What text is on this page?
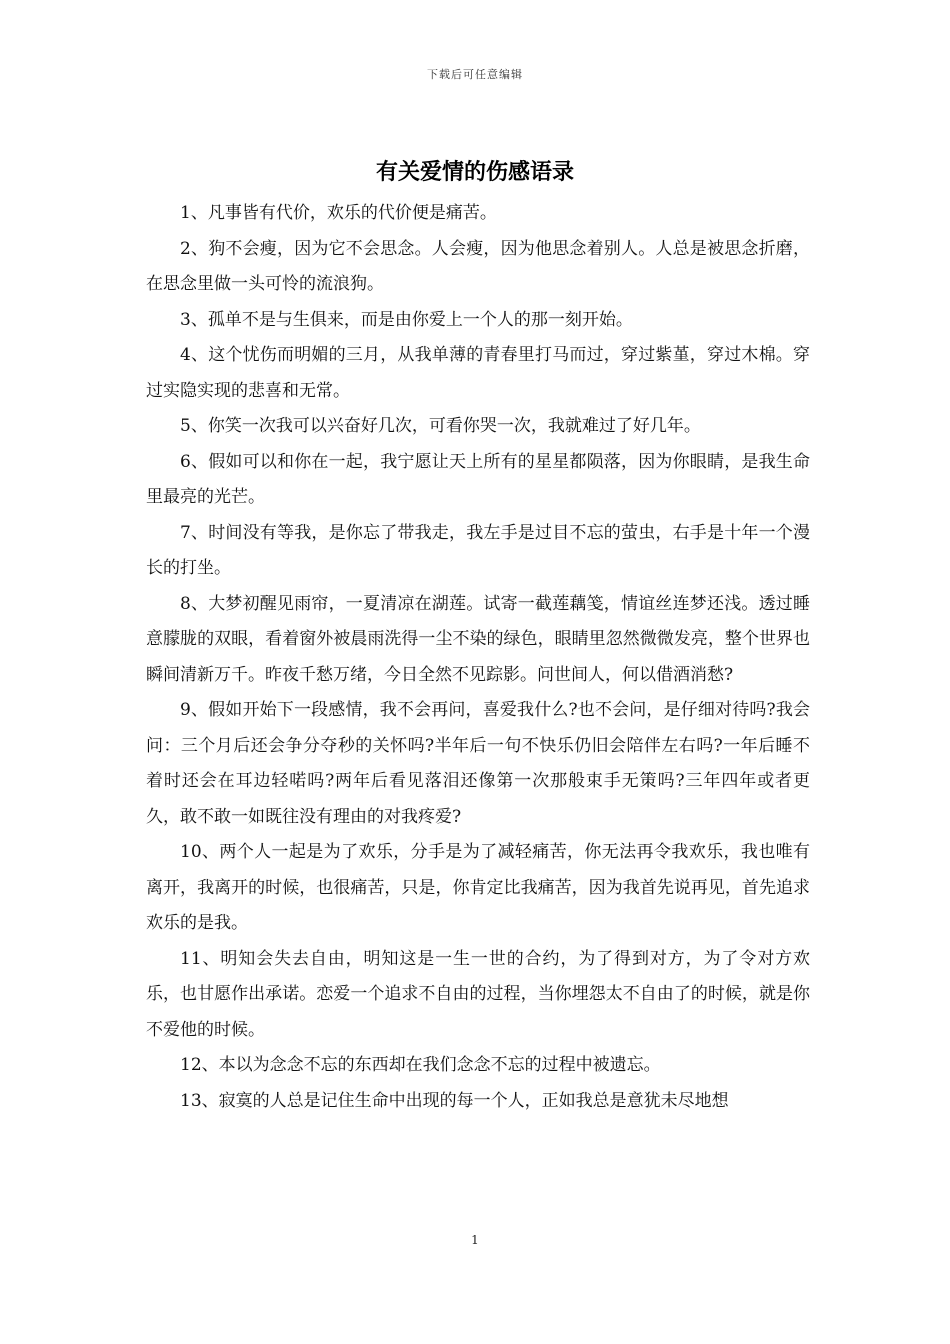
下载后可任意编辑
有关爱情的伤感语录

1、凡事皆有代价，欢乐的代价便是痛苦。

2、狗不会瘦，因为它不会思念。人会瘦，因为他思念着别人。人总是被思念折磨，在思念里做一头可怜的流浪狗。

3、孤单不是与生俱来，而是由你爱上一个人的那一刻开始。

4、这个忧伤而明媚的三月，从我单薄的青春里打马而过，穿过紫堇，穿过木棉。穿过实隐实现的悲喜和无常。

5、你笑一次我可以兴奋好几次，可看你哭一次，我就难过了好几年。

6、假如可以和你在一起，我宁愿让天上所有的星星都陨落，因为你眼睛，是我生命里最亮的光芒。

7、时间没有等我，是你忘了带我走，我左手是过目不忘的萤虫，右手是十年一个漫长的打坐。

8、大梦初醒见雨帘，一夏清凉在湖莲。试寄一截莲藕笺，情谊丝连梦还浅。透过睡意朦胧的双眼，看着窗外被晨雨洗得一尘不染的绿色，眼睛里忽然微微发亮，整个世界也瞬间清新万千。昨夜千愁万绪，今日全然不见踪影。问世间人，何以借酒消愁?

9、假如开始下一段感情，我不会再问，喜爱我什么?也不会问，是仔细对待吗?我会问：三个月后还会争分夺秒的关怀吗?半年后一句不快乐仍旧会陪伴左右吗?一年后睡不着时还会在耳边轻喏吗?两年后看见落泪还像第一次那般束手无策吗?三年四年或者更久，敢不敢一如既往没有理由的对我疼爱?

10、两个人一起是为了欢乐，分手是为了减轻痛苦，你无法再令我欢乐，我也唯有离开，我离开的时候，也很痛苦，只是，你肯定比我痛苦，因为我首先说再见，首先追求欢乐的是我。

11、明知会失去自由，明知这是一生一世的合约，为了得到对方，为了令对方欢乐，也甘愿作出承诺。恋爱一个追求不自由的过程，当你埋怨太不自由了的时候，就是你不爱他的时候。

12、本以为念念不忘的东西却在我们念念不忘的过程中被遗忘。

13、寂寞的人总是记住生命中出现的每一个人，正如我总是意犹未尽地想

1
